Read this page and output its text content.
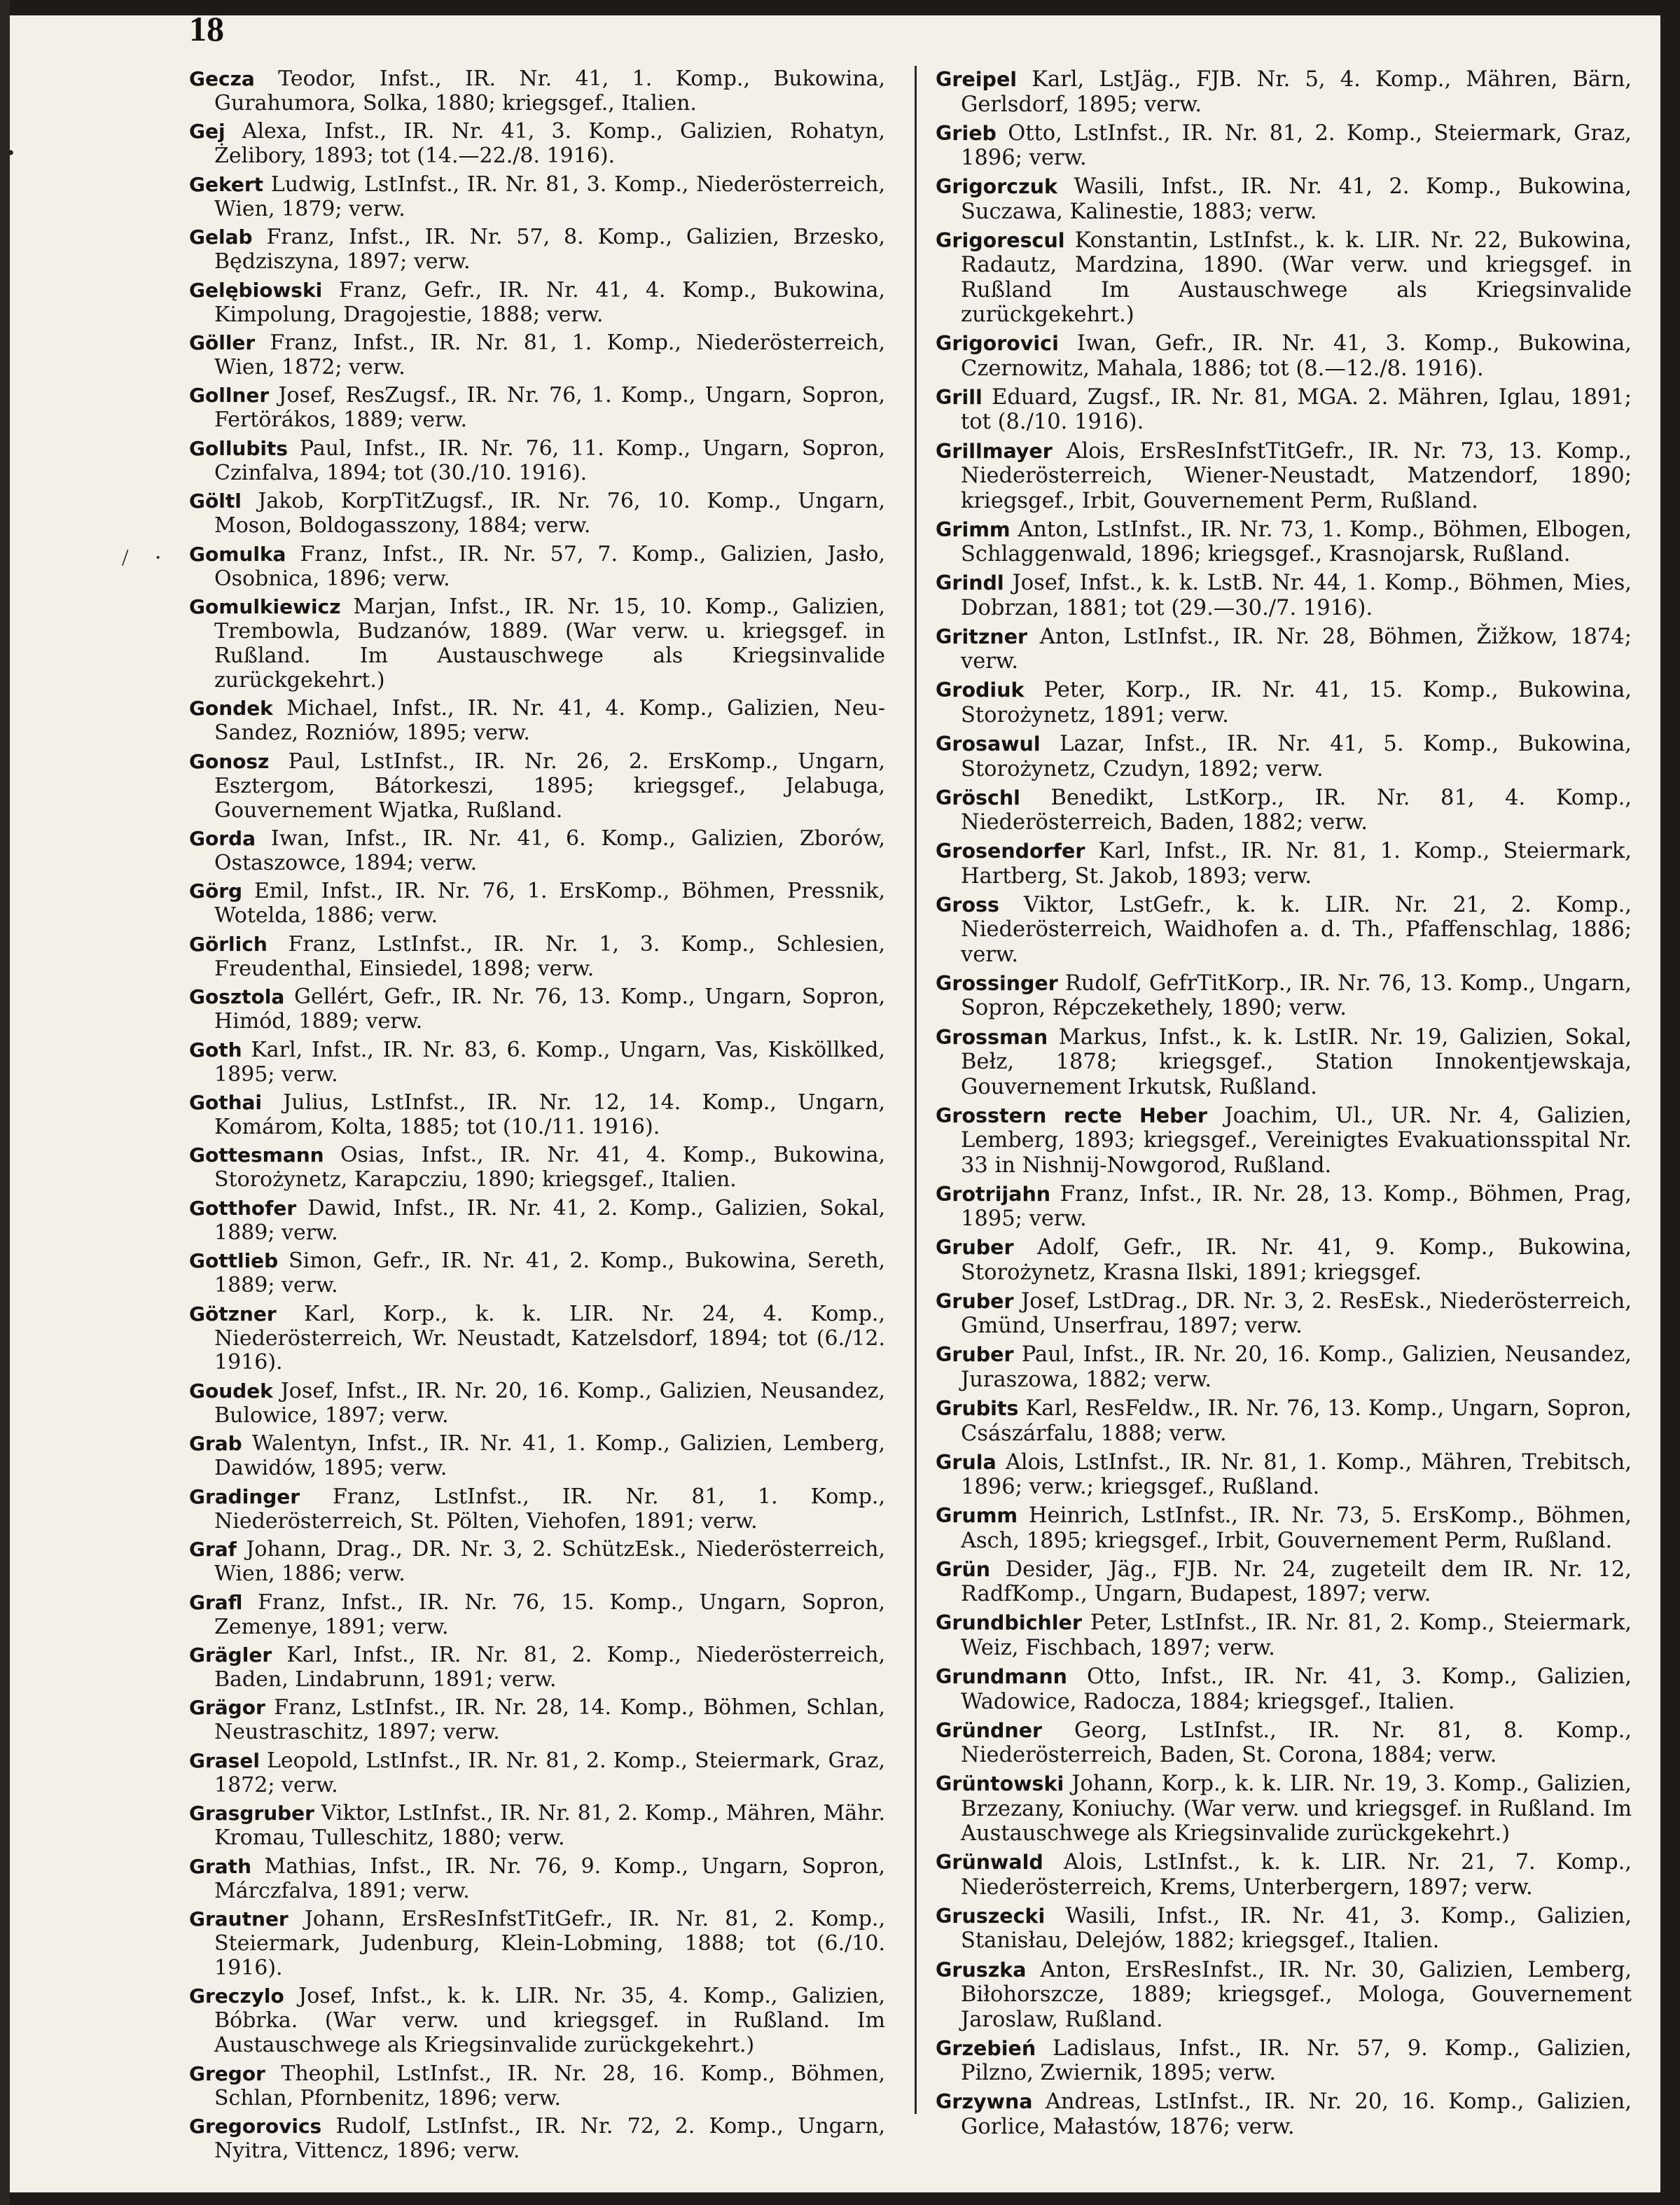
18
•
/ ·

Gecza Teodor, Infst., IR. Nr. 41, 1. Komp., Bukowina, Gurahumora, Solka, 1880; kriegsgef., Italien.

Gej Alexa, Infst., IR. Nr. 41, 3. Komp., Galizien, Rohatyn, Żelibory, 1893; tot (14.—22./8. 1916).

Gekert Ludwig, LstInfst., IR. Nr. 81, 3. Komp., Niederösterreich, Wien, 1879; verw.

Gelab Franz, Infst., IR. Nr. 57, 8. Komp., Galizien, Brzesko, Będziszyna, 1897; verw.

Gelębiowski Franz, Gefr., IR. Nr. 41, 4. Komp., Bukowina, Kimpolung, Dragojestie, 1888; verw.

Göller Franz, Infst., IR. Nr. 81, 1. Komp., Niederösterreich, Wien, 1872; verw.

Gollner Josef, ResZugsf., IR. Nr. 76, 1. Komp., Ungarn, Sopron, Fertörákos, 1889; verw.

Gollubits Paul, Infst., IR. Nr. 76, 11. Komp., Ungarn, Sopron, Czinfalva, 1894; tot (30./10. 1916).

Göltl Jakob, KorpTitZugsf., IR. Nr. 76, 10. Komp., Ungarn, Moson, Boldogasszony, 1884; verw.

Gomulka Franz, Infst., IR. Nr. 57, 7. Komp., Galizien, Jasło, Osobnica, 1896; verw.

Gomulkiewicz Marjan, Infst., IR. Nr. 15, 10. Komp., Galizien, Trembowla, Budzanów, 1889. (War verw. u. kriegsgef. in Rußland. Im Austauschwege als Kriegsinvalide zurückgekehrt.)

Gondek Michael, Infst., IR. Nr. 41, 4. Komp., Galizien, Neu-Sandez, Rozniów, 1895; verw.

Gonosz Paul, LstInfst., IR. Nr. 26, 2. ErsKomp., Ungarn, Esztergom, Bátorkeszi, 1895; kriegsgef., Jelabuga, Gouvernement Wjatka, Rußland.

Gorda Iwan, Infst., IR. Nr. 41, 6. Komp., Galizien, Zborów, Ostaszowce, 1894; verw.

Görg Emil, Infst., IR. Nr. 76, 1. ErsKomp., Böhmen, Pressnik, Wotelda, 1886; verw.

Görlich Franz, LstInfst., IR. Nr. 1, 3. Komp., Schlesien, Freudenthal, Einsiedel, 1898; verw.

Gosztola Gellért, Gefr., IR. Nr. 76, 13. Komp., Ungarn, Sopron, Himód, 1889; verw.

Goth Karl, Infst., IR. Nr. 83, 6. Komp., Ungarn, Vas, Kisköllked, 1895; verw.

Gothai Julius, LstInfst., IR. Nr. 12, 14. Komp., Ungarn, Komárom, Kolta, 1885; tot (10./11. 1916).

Gottesmann Osias, Infst., IR. Nr. 41, 4. Komp., Bukowina, Storożynetz, Karapcziu, 1890; kriegsgef., Italien.

Gotthofer Dawid, Infst., IR. Nr. 41, 2. Komp., Galizien, Sokal, 1889; verw.

Gottlieb Simon, Gefr., IR. Nr. 41, 2. Komp., Bukowina, Sereth, 1889; verw.

Götzner Karl, Korp., k. k. LIR. Nr. 24, 4. Komp., Niederösterreich, Wr. Neustadt, Katzelsdorf, 1894; tot (6./12. 1916).

Goudek Josef, Infst., IR. Nr. 20, 16. Komp., Galizien, Neusandez, Bulowice, 1897; verw.

Grab Walentyn, Infst., IR. Nr. 41, 1. Komp., Galizien, Lemberg, Dawidów, 1895; verw.

Gradinger Franz, LstInfst., IR. Nr. 81, 1. Komp., Niederösterreich, St. Pölten, Viehofen, 1891; verw.

Graf Johann, Drag., DR. Nr. 3, 2. SchützEsk., Niederösterreich, Wien, 1886; verw.

Grafl Franz, Infst., IR. Nr. 76, 15. Komp., Ungarn, Sopron, Zemenye, 1891; verw.

Grägler Karl, Infst., IR. Nr. 81, 2. Komp., Niederösterreich, Baden, Lindabrunn, 1891; verw.

Grägor Franz, LstInfst., IR. Nr. 28, 14. Komp., Böhmen, Schlan, Neustraschitz, 1897; verw.

Grasel Leopold, LstInfst., IR. Nr. 81, 2. Komp., Steiermark, Graz, 1872; verw.

Grasgruber Viktor, LstInfst., IR. Nr. 81, 2. Komp., Mähren, Mähr. Kromau, Tulleschitz, 1880; verw.

Grath Mathias, Infst., IR. Nr. 76, 9. Komp., Ungarn, Sopron, Márczfalva, 1891; verw.

Grautner Johann, ErsResInfstTitGefr., IR. Nr. 81, 2. Komp., Steiermark, Judenburg, Klein-Lobming, 1888; tot (6./10. 1916).

Greczylo Josef, Infst., k. k. LIR. Nr. 35, 4. Komp., Galizien, Bóbrka. (War verw. und kriegsgef. in Rußland. Im Austauschwege als Kriegsinvalide zurückgekehrt.)

Gregor Theophil, LstInfst., IR. Nr. 28, 16. Komp., Böhmen, Schlan, Pfornbenitz, 1896; verw.

Gregorovics Rudolf, LstInfst., IR. Nr. 72, 2. Komp., Ungarn, Nyitra, Vittencz, 1896; verw.

Greipel Karl, LstJäg., FJB. Nr. 5, 4. Komp., Mähren, Bärn, Gerlsdorf, 1895; verw.

Grieb Otto, LstInfst., IR. Nr. 81, 2. Komp., Steiermark, Graz, 1896; verw.

Grigorczuk Wasili, Infst., IR. Nr. 41, 2. Komp., Bukowina, Suczawa, Kalinestie, 1883; verw.

Grigorescul Konstantin, LstInfst., k. k. LIR. Nr. 22, Bukowina, Radautz, Mardzina, 1890. (War verw. und kriegsgef. in Rußland Im Austauschwege als Kriegsinvalide zurückgekehrt.)

Grigorovici Iwan, Gefr., IR. Nr. 41, 3. Komp., Bukowina, Czernowitz, Mahala, 1886; tot (8.—12./8. 1916).

Grill Eduard, Zugsf., IR. Nr. 81, MGA. 2. Mähren, Iglau, 1891; tot (8./10. 1916).

Grillmayer Alois, ErsResInfstTitGefr., IR. Nr. 73, 13. Komp., Niederösterreich, Wiener-Neustadt, Matzendorf, 1890; kriegsgef., Irbit, Gouvernement Perm, Rußland.

Grimm Anton, LstInfst., IR. Nr. 73, 1. Komp., Böhmen, Elbogen, Schlaggenwald, 1896; kriegsgef., Krasnojarsk, Rußland.

Grindl Josef, Infst., k. k. LstB. Nr. 44, 1. Komp., Böhmen, Mies, Dobrzan, 1881; tot (29.—30./7. 1916).

Gritzner Anton, LstInfst., IR. Nr. 28, Böhmen, Žižkow, 1874; verw.

Grodiuk Peter, Korp., IR. Nr. 41, 15. Komp., Bukowina, Storożynetz, 1891; verw.

Grosawul Lazar, Infst., IR. Nr. 41, 5. Komp., Bukowina, Storożynetz, Czudyn, 1892; verw.

Gröschl Benedikt, LstKorp., IR. Nr. 81, 4. Komp., Niederösterreich, Baden, 1882; verw.

Grosendorfer Karl, Infst., IR. Nr. 81, 1. Komp., Steiermark, Hartberg, St. Jakob, 1893; verw.

Gross Viktor, LstGefr., k. k. LIR. Nr. 21, 2. Komp., Niederösterreich, Waidhofen a. d. Th., Pfaffenschlag, 1886; verw.

Grossinger Rudolf, GefrTitKorp., IR. Nr. 76, 13. Komp., Ungarn, Sopron, Répczekethely, 1890; verw.

Grossman Markus, Infst., k. k. LstIR. Nr. 19, Galizien, Sokal, Bełz, 1878; kriegsgef., Station Innokentjewskaja, Gouvernement Irkutsk, Rußland.

Grosstern recte Heber Joachim, Ul., UR. Nr. 4, Galizien, Lemberg, 1893; kriegsgef., Vereinigtes Evakuationsspital Nr. 33 in Nishnij-Nowgorod, Rußland.

Grotrijahn Franz, Infst., IR. Nr. 28, 13. Komp., Böhmen, Prag, 1895; verw.

Gruber Adolf, Gefr., IR. Nr. 41, 9. Komp., Bukowina, Storożynetz, Krasna Ilski, 1891; kriegsgef.

Gruber Josef, LstDrag., DR. Nr. 3, 2. ResEsk., Niederösterreich, Gmünd, Unserfrau, 1897; verw.

Gruber Paul, Infst., IR. Nr. 20, 16. Komp., Galizien, Neusandez, Juraszowa, 1882; verw.

Grubits Karl, ResFeldw., IR. Nr. 76, 13. Komp., Ungarn, Sopron, Császárfalu, 1888; verw.

Grula Alois, LstInfst., IR. Nr. 81, 1. Komp., Mähren, Trebitsch, 1896; verw.; kriegsgef., Rußland.

Grumm Heinrich, LstInfst., IR. Nr. 73, 5. ErsKomp., Böhmen, Asch, 1895; kriegsgef., Irbit, Gouvernement Perm, Rußland.

Grün Desider, Jäg., FJB. Nr. 24, zugeteilt dem IR. Nr. 12, RadfKomp., Ungarn, Budapest, 1897; verw.

Grundbichler Peter, LstInfst., IR. Nr. 81, 2. Komp., Steiermark, Weiz, Fischbach, 1897; verw.

Grundmann Otto, Infst., IR. Nr. 41, 3. Komp., Galizien, Wadowice, Radocza, 1884; kriegsgef., Italien.

Gründner Georg, LstInfst., IR. Nr. 81, 8. Komp., Niederösterreich, Baden, St. Corona, 1884; verw.

Grüntowski Johann, Korp., k. k. LIR. Nr. 19, 3. Komp., Galizien, Brzezany, Koniuchy. (War verw. und kriegsgef. in Rußland. Im Austauschwege als Kriegsinvalide zurückgekehrt.)

Grünwald Alois, LstInfst., k. k. LIR. Nr. 21, 7. Komp., Niederösterreich, Krems, Unterbergern, 1897; verw.

Gruszecki Wasili, Infst., IR. Nr. 41, 3. Komp., Galizien, Stanisłau, Delejów, 1882; kriegsgef., Italien.

Gruszka Anton, ErsResInfst., IR. Nr. 30, Galizien, Lemberg, Biłohorszcze, 1889; kriegsgef., Mologa, Gouvernement Jaroslaw, Rußland.

Grzebień Ladislaus, Infst., IR. Nr. 57, 9. Komp., Galizien, Pilzno, Zwiernik, 1895; verw.

Grzywna Andreas, LstInfst., IR. Nr. 20, 16. Komp., Galizien, Gorlice, Małastów, 1876; verw.
